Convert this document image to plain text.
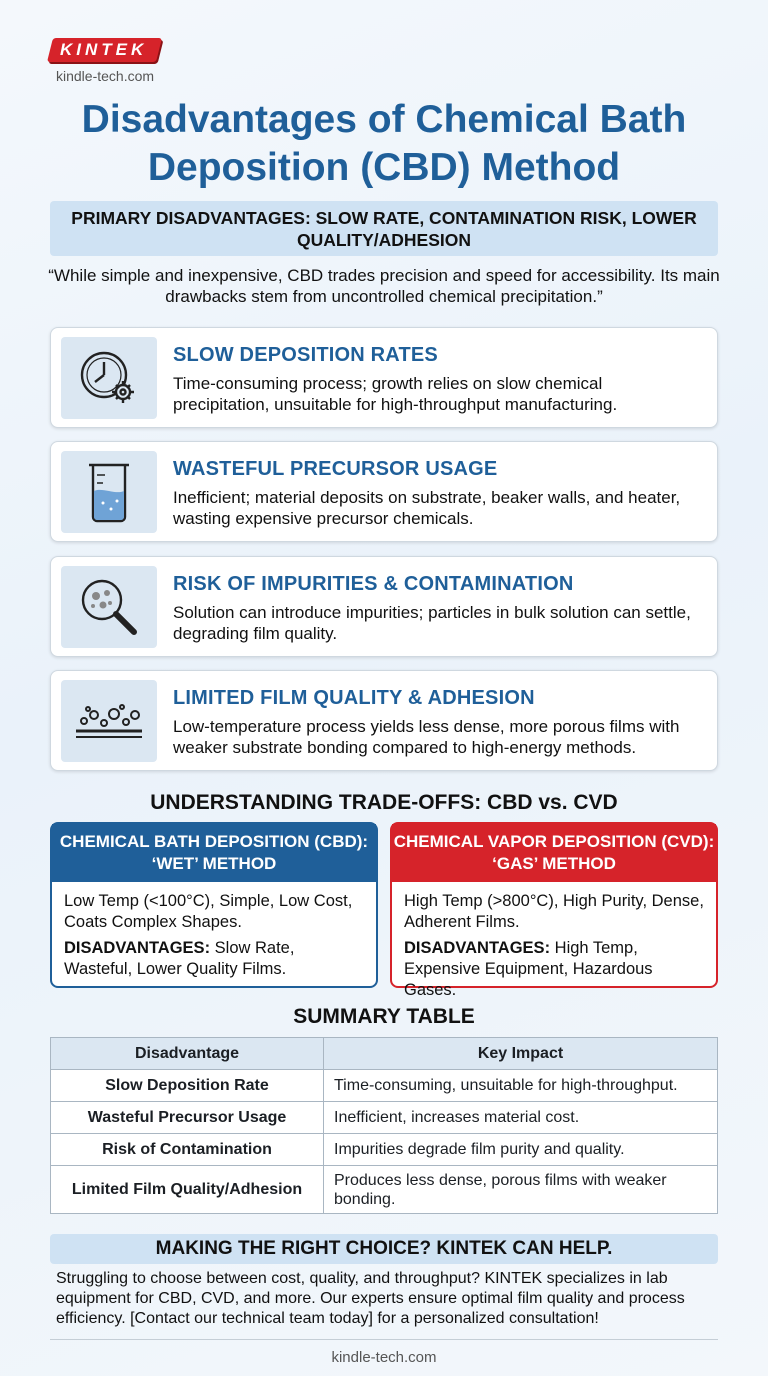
KINTEK
kindle-tech.com
Disadvantages of Chemical Bath Deposition (CBD) Method
PRIMARY DISADVANTAGES: SLOW RATE, CONTAMINATION RISK, LOWER QUALITY/ADHESION

“While simple and inexpensive, CBD trades precision and speed for accessibility. Its main drawbacks stem from uncontrolled chemical precipitation.”

SLOW DEPOSITION RATES
Time-consuming process; growth relies on slow chemical precipitation, unsuitable for high-throughput manufacturing.
WASTEFUL PRECURSOR USAGE
Inefficient; material deposits on substrate, beaker walls, and heater, wasting expensive precursor chemicals.
RISK OF IMPURITIES & CONTAMINATION
Solution can introduce impurities; particles in bulk solution can settle, degrading film quality.
LIMITED FILM QUALITY & ADHESION
Low-temperature process yields less dense, more porous films with weaker substrate bonding compared to high-energy methods.
UNDERSTANDING TRADE-OFFS: CBD vs. CVD
CHEMICAL BATH DEPOSITION (CBD): ‘WET’ METHOD

Low Temp (<100°C), Simple, Low Cost, Coats Complex Shapes.

DISADVANTAGES: Slow Rate, Wasteful, Lower Quality Films.

CHEMICAL VAPOR DEPOSITION (CVD): ‘GAS’ METHOD

High Temp (>800°C), High Purity, Dense, Adherent Films.

DISADVANTAGES: High Temp, Expensive Equipment, Hazardous Gases.

SUMMARY TABLE
Disadvantage	Key Impact
Slow Deposition Rate	Time-consuming, unsuitable for high-throughput.
Wasteful Precursor Usage	Inefficient, increases material cost.
Risk of Contamination	Impurities degrade film purity and quality.
Limited Film Quality/Adhesion	Produces less dense, porous films with weaker bonding.
MAKING THE RIGHT CHOICE? KINTEK CAN HELP.

Struggling to choose between cost, quality, and throughput? KINTEK specializes in lab equipment for CBD, CVD, and more. Our experts ensure optimal film quality and process efficiency. [Contact our technical team today] for a personalized consultation!

kindle-tech.com
